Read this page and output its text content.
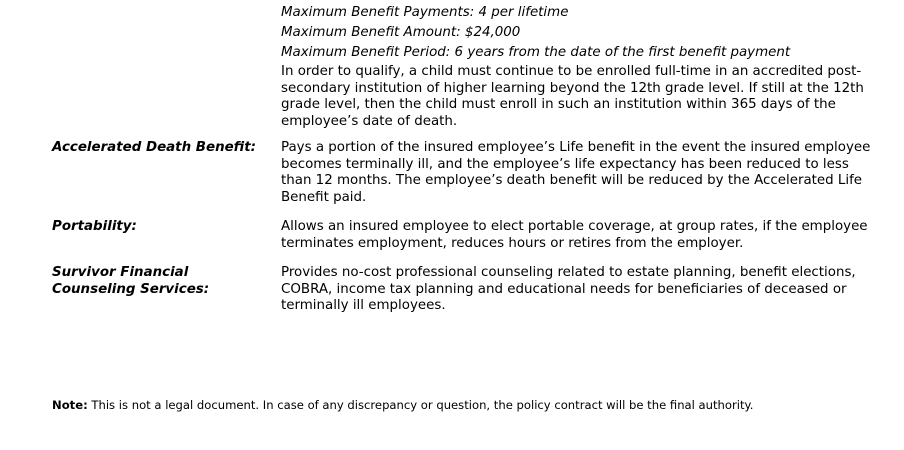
Maximum Benefit Payments: 4 per lifetime
Maximum Benefit Amount: $24,000
Maximum Benefit Period: 6 years from the date of the first benefit payment
In order to qualify, a child must continue to be enrolled full-time in an accredited post-secondary institution of higher learning beyond the 12th grade level. If still at the 12th grade level, then the child must enroll in such an institution within 365 days of the employee’s date of death.
Accelerated Death Benefit:	Pays a portion of the insured employee’s Life benefit in the event the insured employee becomes terminally ill, and the employee’s life expectancy has been reduced to less than 12 months. The employee’s death benefit will be reduced by the Accelerated Life Benefit paid.
Portability:	Allows an insured employee to elect portable coverage, at group rates, if the employee terminates employment, reduces hours or retires from the employer.
Survivor Financial
Counseling Services:
Provides no-cost professional counseling related to estate planning, benefit elections, COBRA, income tax planning and educational needs for beneficiaries of deceased or terminally ill employees.
Note: This is not a legal document. In case of any discrepancy or question, the policy contract will be the final authority.
